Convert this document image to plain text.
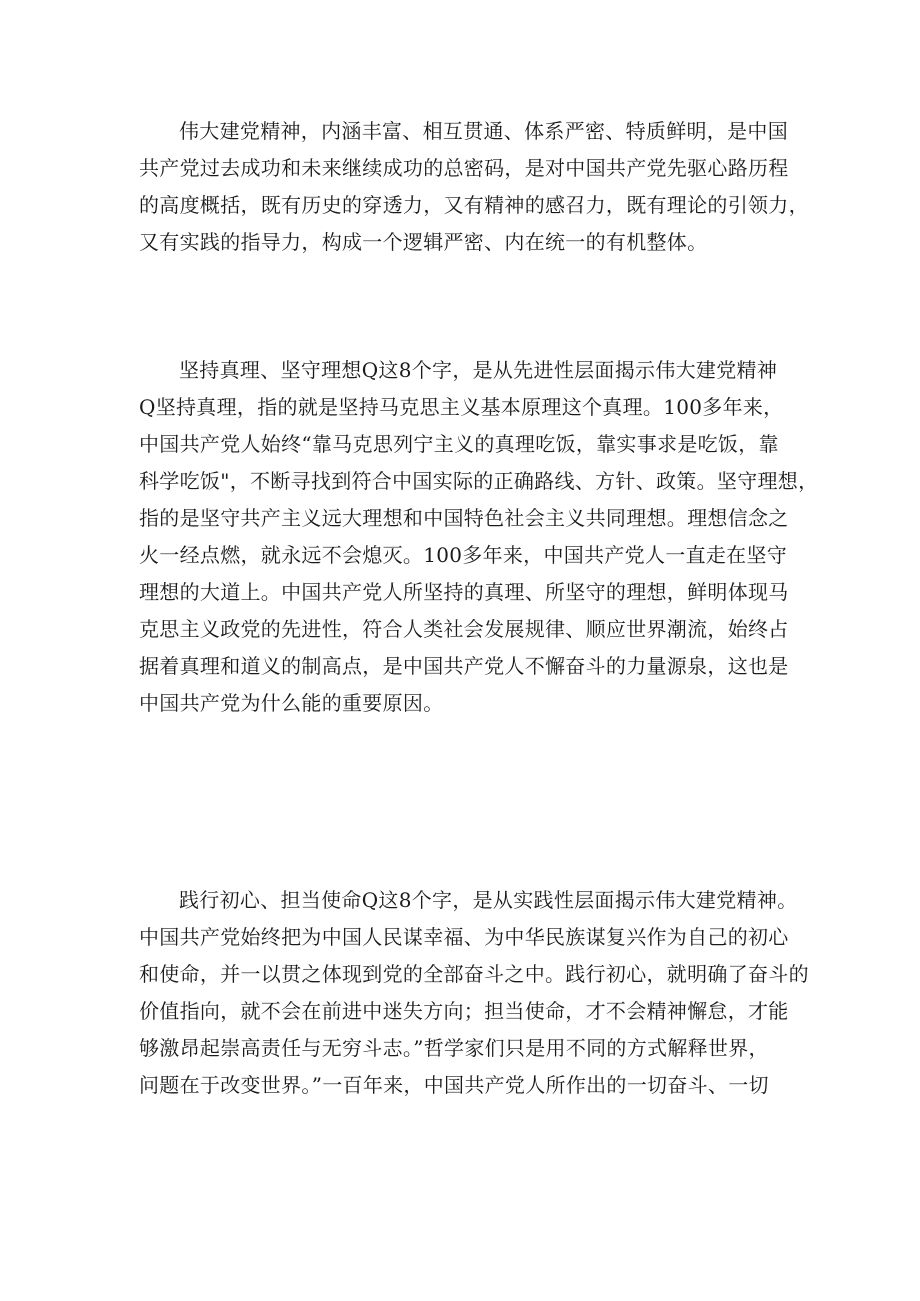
伟大建党精神，内涵丰富、相互贯通、体系严密、特质鲜明，是中国
共产党过去成功和未来继续成功的总密码，是对中国共产党先驱心路历程
的高度概括，既有历史的穿透力，又有精神的感召力，既有理论的引领力，
又有实践的指导力，构成一个逻辑严密、内在统一的有机整体。
坚持真理、坚守理想Q这8个字，是从先进性层面揭示伟大建党精神
Q坚持真理，指的就是坚持马克思主义基本原理这个真理。100多年来，
中国共产党人始终“靠马克思列宁主义的真理吃饭，靠实事求是吃饭，靠
科学吃饭"，不断寻找到符合中国实际的正确路线、方针、政策。坚守理想，
指的是坚守共产主义远大理想和中国特色社会主义共同理想。理想信念之
火一经点燃，就永远不会熄灭。100多年来，中国共产党人一直走在坚守
理想的大道上。中国共产党人所坚持的真理、所坚守的理想，鲜明体现马
克思主义政党的先进性，符合人类社会发展规律、顺应世界潮流，始终占
据着真理和道义的制高点，是中国共产党人不懈奋斗的力量源泉，这也是
中国共产党为什么能的重要原因。
践行初心、担当使命Q这8个字，是从实践性层面揭示伟大建党精神。
中国共产党始终把为中国人民谋幸福、为中华民族谋复兴作为自己的初心
和使命，并一以贯之体现到党的全部奋斗之中。践行初心，就明确了奋斗的
价值指向，就不会在前进中迷失方向；担当使命，才不会精神懈怠，才能
够激昂起崇高责任与无穷斗志。”哲学家们只是用不同的方式解释世界，
问题在于改变世界。”一百年来，中国共产党人所作出的一切奋斗、一切
